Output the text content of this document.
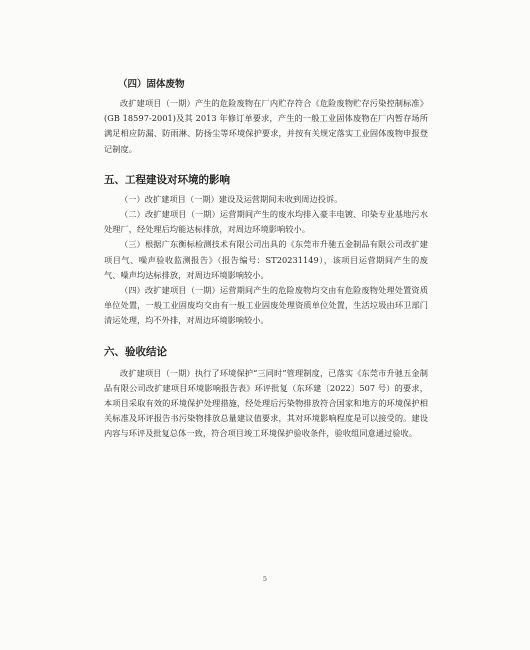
（四）固体废物

改扩建项目（一期）产生的危险废物在厂内贮存符合《危险废物贮存污染控制标准》(GB 18597-2001)及其 2013 年修订单要求，产生的一般工业固体废物在厂内暂存场所满足相应防漏、防雨淋、防扬尘等环境保护要求，并按有关规定落实工业固体废物申报登记制度。

五、工程建设对环境的影响

（一）改扩建项目（一期）建设及运营期间未收到周边投诉。

（二）改扩建项目（一期）运营期间产生的废水均排入豪丰电镀、印染专业基地污水处理厂，经处理后均能达标排放，对周边环境影响较小。

（三）根据广东衡标检测技术有限公司出具的《东莞市升驰五金制品有限公司改扩建项目气、噪声验收监测报告》（报告编号：ST20231149），该项目运营期间产生的废气、噪声均达标排放，对周边环境影响较小。

（四）改扩建项目（一期）运营期间产生的危险废物均交由有危险废物处理处置资质单位处置，一般工业固废均交由有一般工业固废处理资质单位处置，生活垃圾由环卫部门清运处理，均不外排，对周边环境影响较小。

六、验收结论

改扩建项目（一期）执行了环境保护“三同时”管理制度，已落实《东莞市升驰五金制品有限公司改扩建项目环境影响报告表》环评批复（东环建〔2022〕507 号）的要求，本项目采取有效的环境保护处理措施，经处理后污染物排放符合国家和地方的环境保护相关标准及环评报告书污染物排放总量建议值要求，其对环境影响程度是可以接受的。建设内容与环评及批复总体一致，符合项目竣工环境保护验收条件，验收组同意通过验收。

5
